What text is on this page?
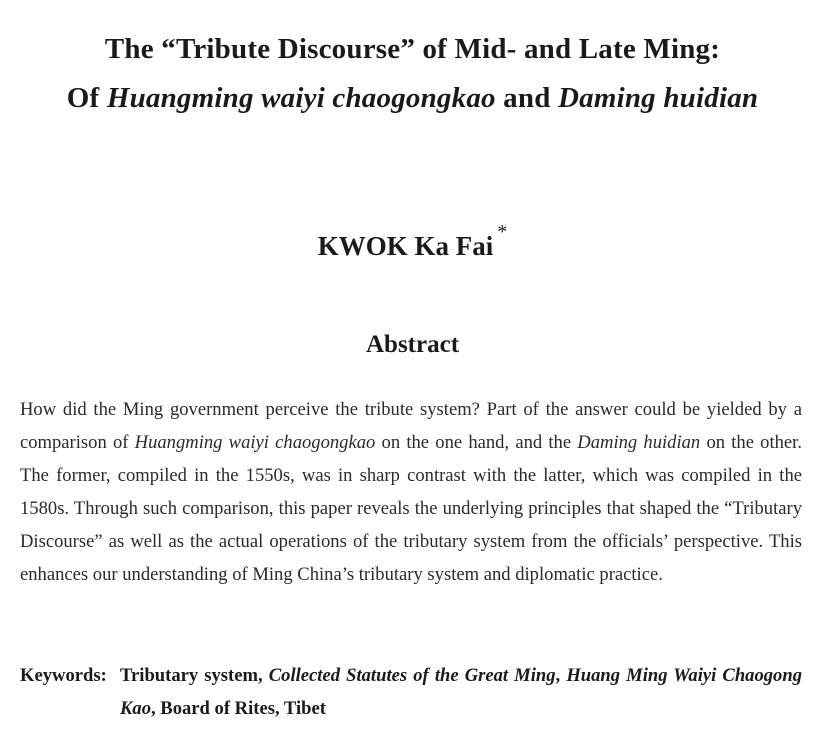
The “Tribute Discourse” of Mid- and Late Ming:
Of Huangming waiyi chaogongkao and Daming huidian
KWOK Ka Fai *
Abstract
How did the Ming government perceive the tribute system? Part of the answer could be yielded by a comparison of Huangming waiyi chaogongkao on the one hand, and the Daming huidian on the other. The former, compiled in the 1550s, was in sharp contrast with the latter, which was compiled in the 1580s. Through such comparison, this paper reveals the underlying principles that shaped the “Tributary Discourse” as well as the actual operations of the tributary system from the officials’ perspective. This enhances our understanding of Ming China’s tributary system and diplomatic practice.
Keywords: Tributary system, Collected Statutes of the Great Ming, Huang Ming Waiyi Chaogong Kao, Board of Rites, Tibet
